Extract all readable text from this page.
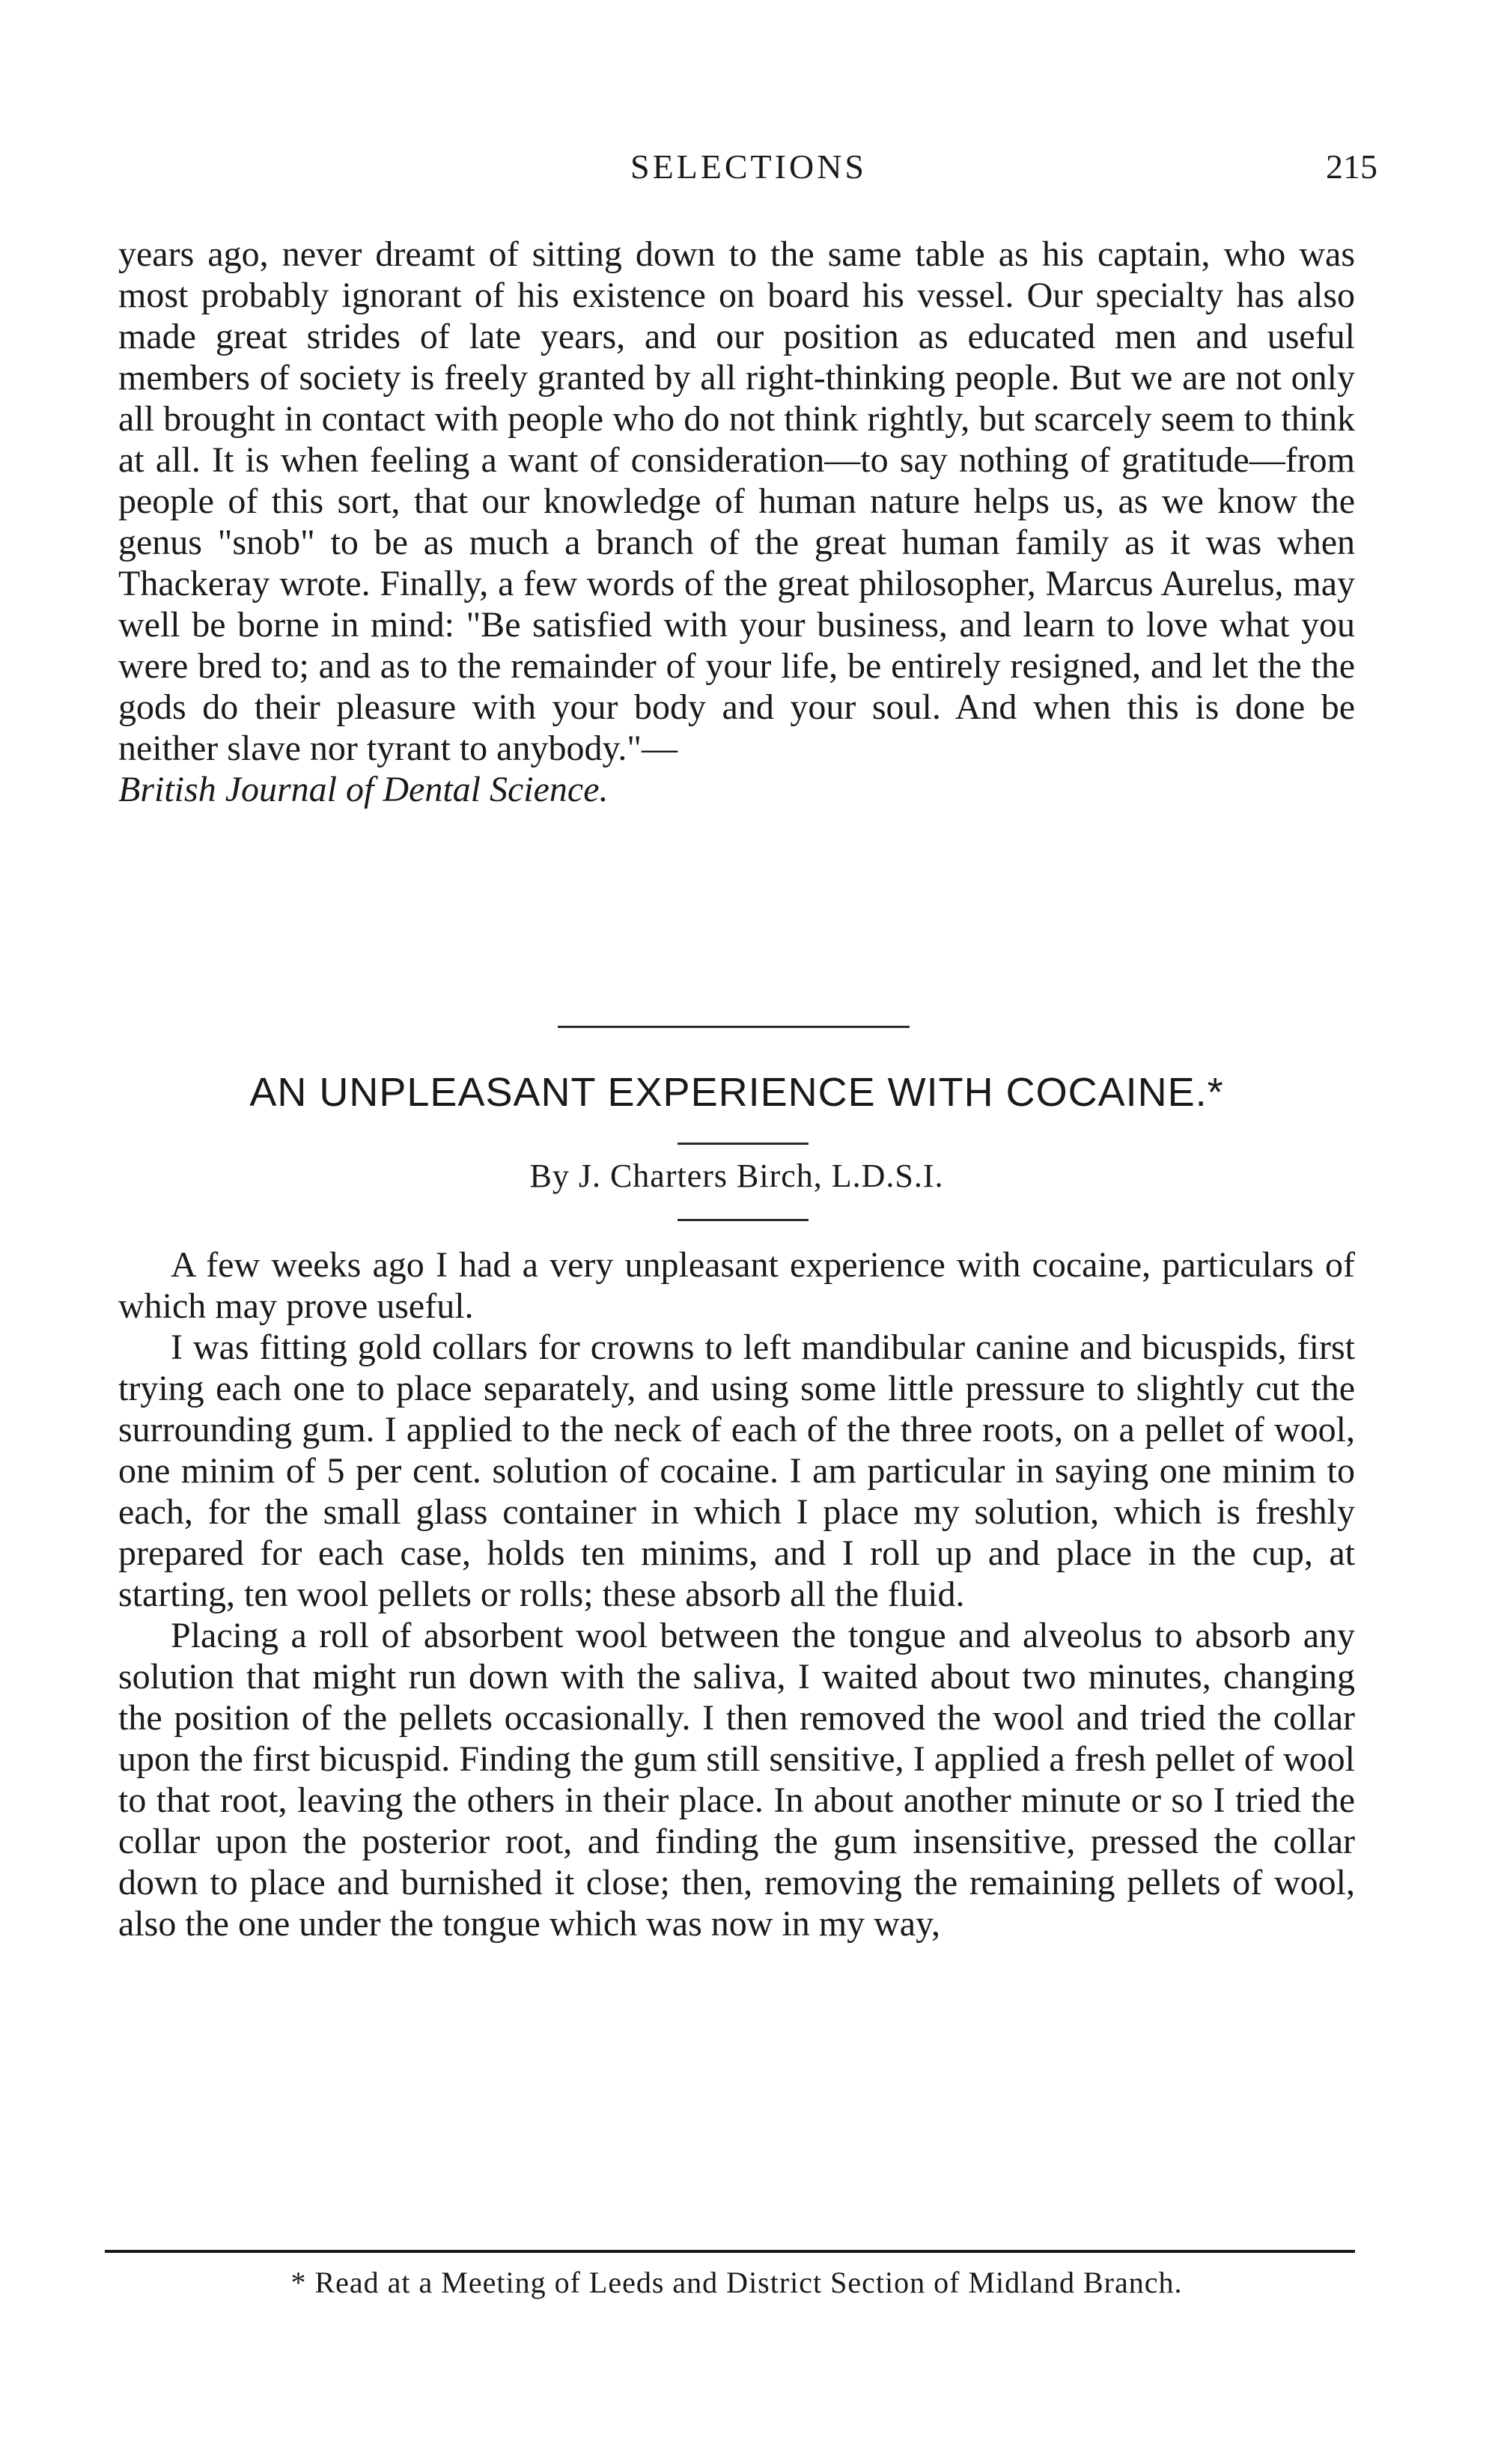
SELECTIONS	215

years ago, never dreamt of sitting down to the same table as his captain, who was most probably ignorant of his existence on board his vessel. Our specialty has also made great strides of late years, and our position as educated men and useful members of society is freely granted by all right-thinking people. But we are not only all brought in contact with people who do not think rightly, but scarcely seem to think at all. It is when feeling a want of consideration—to say nothing of gratitude—from people of this sort, that our knowledge of human nature helps us, as we know the genus "snob" to be as much a branch of the great human family as it was when Thackeray wrote. Finally, a few words of the great philosopher, Marcus Aurelus, may well be borne in mind: "Be satisfied with your business, and learn to love what you were bred to; and as to the remainder of your life, be entirely resigned, and let the the gods do their pleasure with your body and your soul. And when this is done be neither slave nor tyrant to anybody."—
British Journal of Dental Science.

AN UNPLEASANT EXPERIENCE WITH COCAINE.*
By J. Charters Birch, L.D.S.I.

A few weeks ago I had a very unpleasant experience with cocaine, particulars of which may prove useful.

I was fitting gold collars for crowns to left mandibular canine and bicuspids, first trying each one to place separately, and using some little pressure to slightly cut the surrounding gum. I applied to the neck of each of the three roots, on a pellet of wool, one minim of 5 per cent. solution of cocaine. I am particular in saying one minim to each, for the small glass container in which I place my solution, which is freshly prepared for each case, holds ten minims, and I roll up and place in the cup, at starting, ten wool pellets or rolls; these absorb all the fluid.

Placing a roll of absorbent wool between the tongue and alveolus to absorb any solution that might run down with the saliva, I waited about two minutes, changing the position of the pellets occasionally. I then removed the wool and tried the collar upon the first bicuspid. Finding the gum still sensitive, I applied a fresh pellet of wool to that root, leaving the others in their place. In about another minute or so I tried the collar upon the posterior root, and finding the gum insensitive, pressed the collar down to place and burnished it close; then, removing the remaining pellets of wool, also the one under the tongue which was now in my way,

* Read at a Meeting of Leeds and District Section of Midland Branch.
